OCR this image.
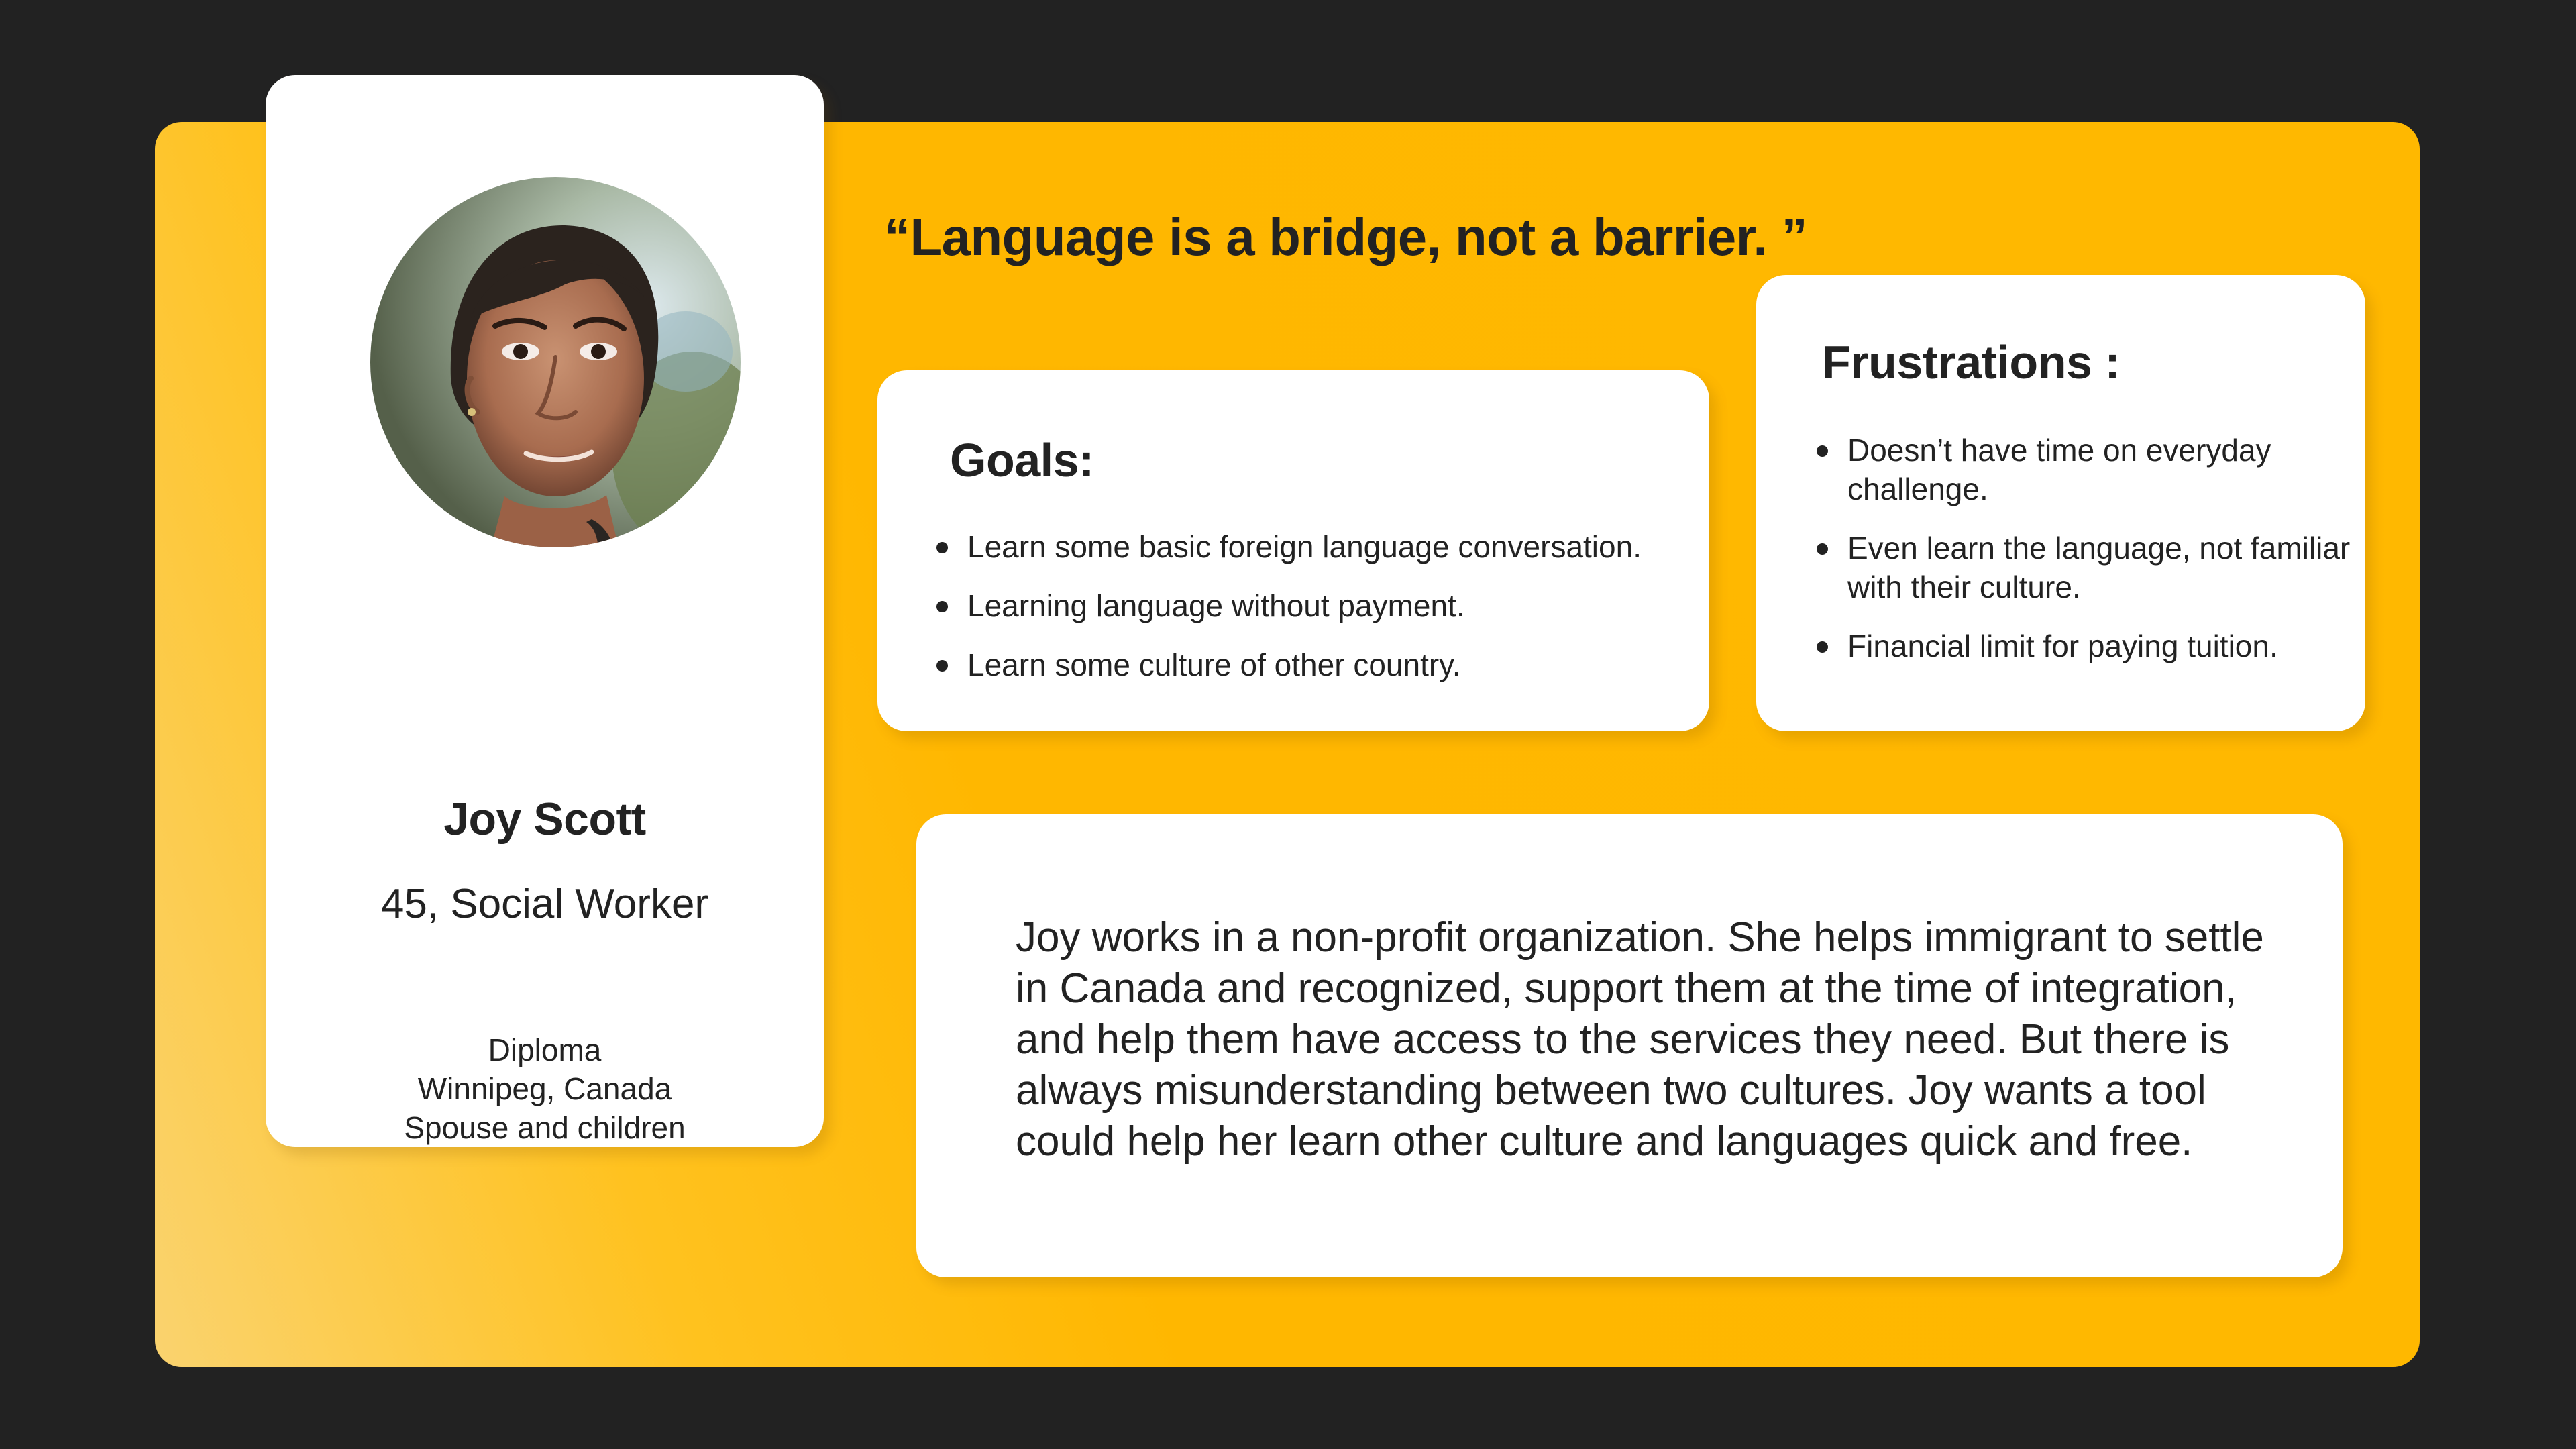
Joy Scott
45, Social Worker
Diploma
Winnipeg, Canada
Spouse and children
“Language is a bridge, not a barrier. ”
Goals:
Learn some basic foreign language conversation.
Learning language without payment.
Learn some culture of other country.
Frustrations :
Doesn’t have time on everyday challenge.
Even learn the language, not familiar with their culture.
Financial limit for paying tuition.
Joy works in a non-profit organization. She helps immigrant to settle in Canada and recognized, support them at the time of integration, and help them have access to the services they need. But there is always misunderstanding between two cultures. Joy wants a tool could help her learn other culture and languages quick and free.
